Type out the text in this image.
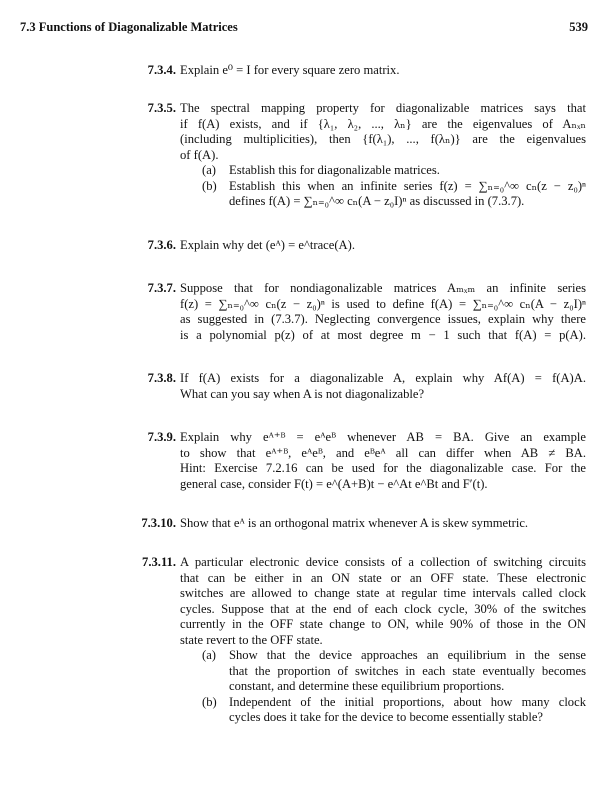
7.3 Functions of Diagonalizable Matrices	539
7.3.4. Explain e⁰ = I for every square zero matrix.
7.3.5. The spectral mapping property for diagonalizable matrices says that
if f(A) exists, and if {λ₁, λ₂, ..., λₙ} are the eigenvalues of Aₙₓₙ
(including multiplicities), then {f(λ₁), ..., f(λₙ)} are the eigenvalues
of f(A).
(a) Establish this for diagonalizable matrices.
(b) Establish this when an infinite series f(z) = ∑ₙ₌₀^∞ cₙ(z − z₀)ⁿ
defines f(A) = ∑ₙ₌₀^∞ cₙ(A − z₀I)ⁿ as discussed in (7.3.7).
7.3.6. Explain why det (eᴬ) = e^trace(A).
7.3.7. Suppose that for nondiagonalizable matrices Aₘₓₘ an infinite series
f(z) = ∑ₙ₌₀^∞ cₙ(z − z₀)ⁿ is used to define f(A) = ∑ₙ₌₀^∞ cₙ(A − z₀I)ⁿ
as suggested in (7.3.7). Neglecting convergence issues, explain why there
is a polynomial p(z) of at most degree m − 1 such that f(A) = p(A).
7.3.8. If f(A) exists for a diagonalizable A, explain why Af(A) = f(A)A.
What can you say when A is not diagonalizable?
7.3.9. Explain why eᴬ⁺ᴮ = eᴬeᴮ whenever AB = BA. Give an example
to show that eᴬ⁺ᴮ, eᴬeᴮ, and eᴮeᴬ all can differ when AB ≠ BA.
Hint: Exercise 7.2.16 can be used for the diagonalizable case. For the
general case, consider F(t) = e^(A+B)t − e^At e^Bt and F′(t).
7.3.10. Show that eᴬ is an orthogonal matrix whenever A is skew symmetric.
7.3.11. A particular electronic device consists of a collection of switching circuits
that can be either in an ON state or an OFF state. These electronic
switches are allowed to change state at regular time intervals called clock
cycles. Suppose that at the end of each clock cycle, 30% of the switches
currently in the OFF state change to ON, while 90% of those in the ON
state revert to the OFF state.
(a) Show that the device approaches an equilibrium in the sense
that the proportion of switches in each state eventually becomes
constant, and determine these equilibrium proportions.
(b) Independent of the initial proportions, about how many clock
cycles does it take for the device to become essentially stable?
